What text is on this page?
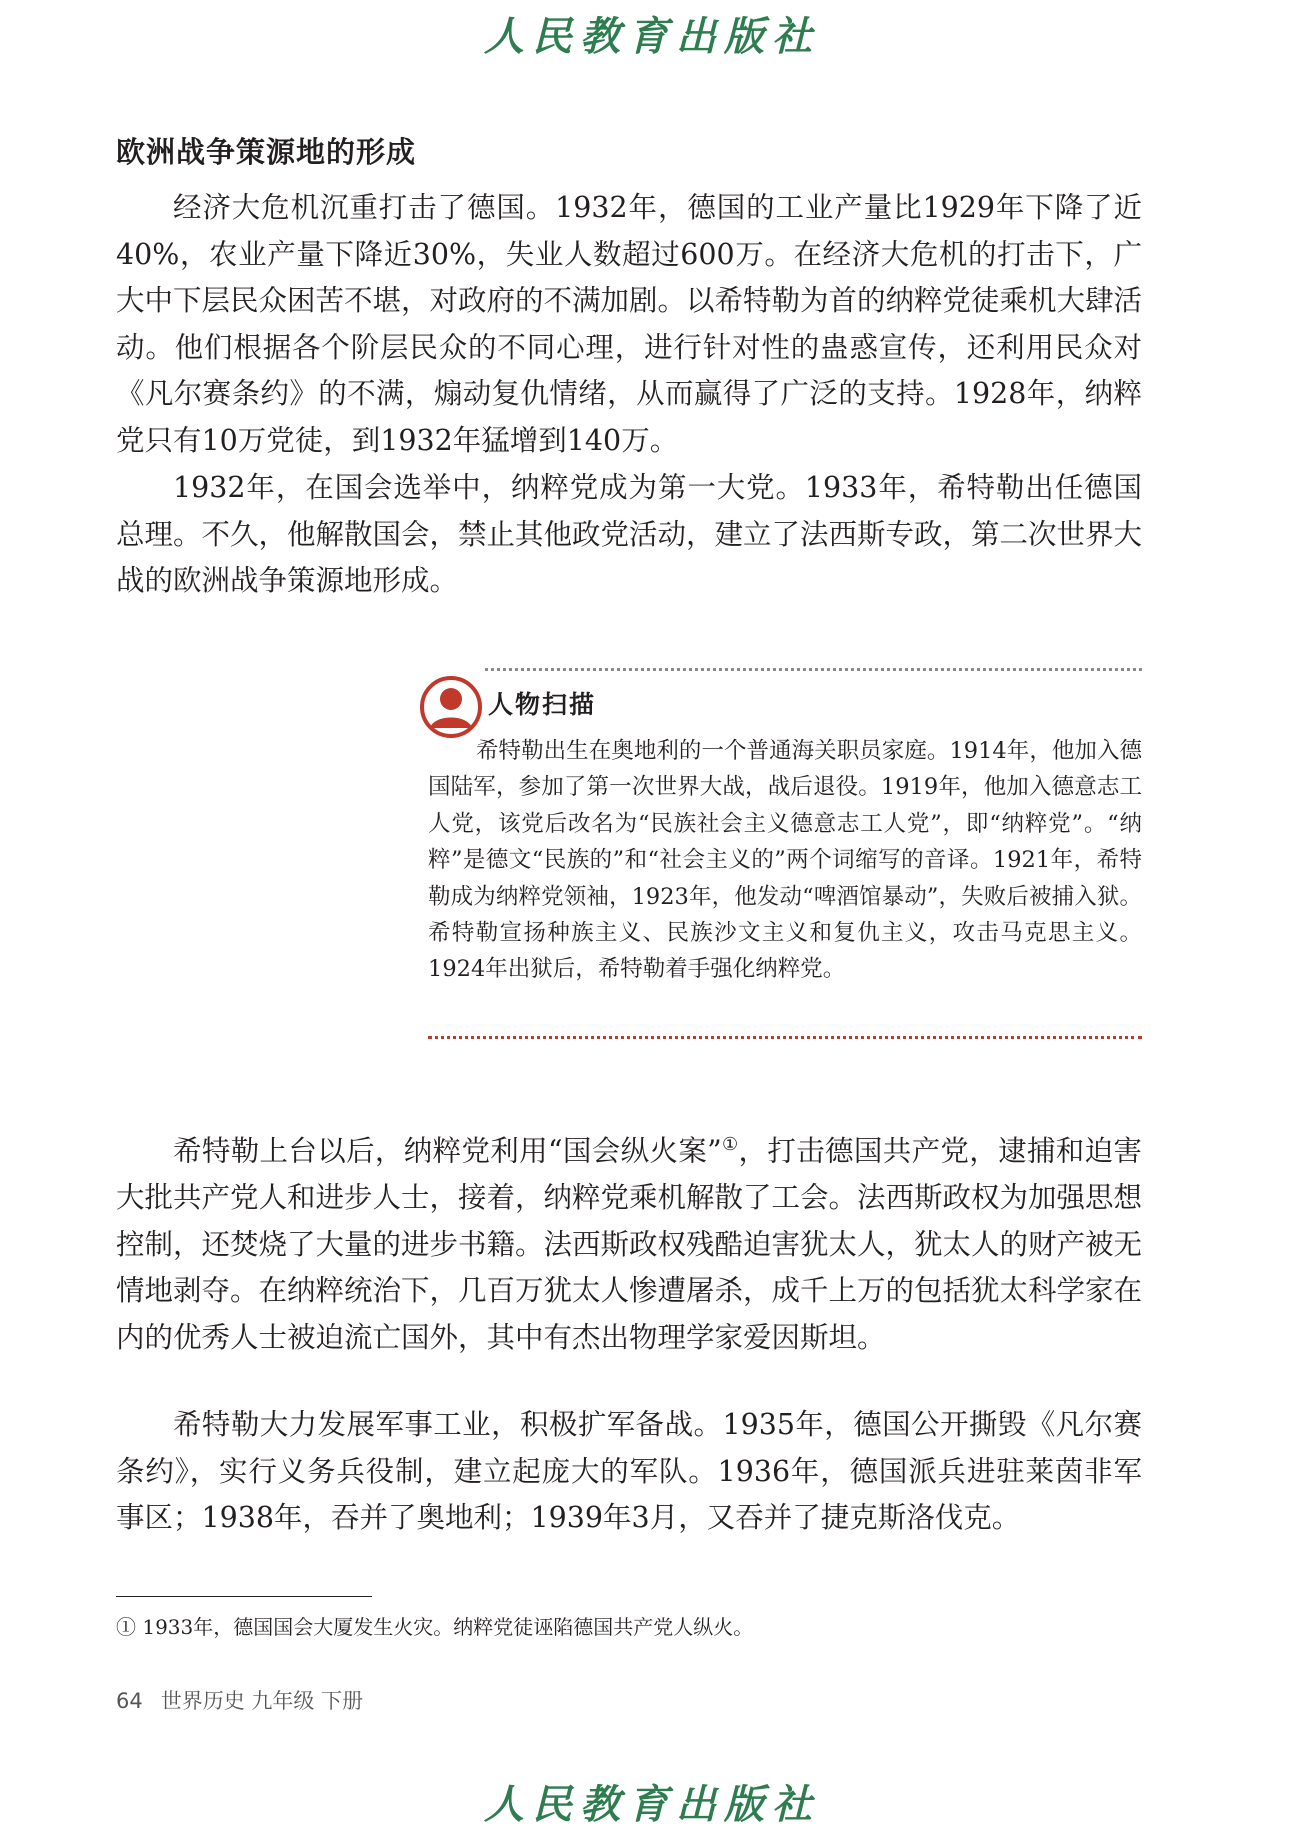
人民教育出版社
欧洲战争策源地的形成

经济大危机沉重打击了德国。1932年，德国的工业产量比1929年下降了近40%，农业产量下降近30%，失业人数超过600万。在经济大危机的打击下，广大中下层民众困苦不堪，对政府的不满加剧。以希特勒为首的纳粹党徒乘机大肆活动。他们根据各个阶层民众的不同心理，进行针对性的蛊惑宣传，还利用民众对《凡尔赛条约》的不满，煽动复仇情绪，从而赢得了广泛的支持。1928年，纳粹党只有10万党徒，到1932年猛增到140万。

1932年，在国会选举中，纳粹党成为第一大党。1933年，希特勒出任德国总理。不久，他解散国会，禁止其他政党活动，建立了法西斯专政，第二次世界大战的欧洲战争策源地形成。

人物扫描

希特勒出生在奥地利的一个普通海关职员家庭。1914年，他加入德国陆军，参加了第一次世界大战，战后退役。1919年，他加入德意志工人党，该党后改名为“民族社会主义德意志工人党”，即“纳粹党”。“纳粹”是德文“民族的”和“社会主义的”两个词缩写的音译。1921年，希特勒成为纳粹党领袖，1923年，他发动“啤酒馆暴动”，失败后被捕入狱。希特勒宣扬种族主义、民族沙文主义和复仇主义，攻击马克思主义。1924年出狱后，希特勒着手强化纳粹党。

希特勒上台以后，纳粹党利用“国会纵火案”①，打击德国共产党，逮捕和迫害大批共产党人和进步人士，接着，纳粹党乘机解散了工会。法西斯政权为加强思想控制，还焚烧了大量的进步书籍。法西斯政权残酷迫害犹太人，犹太人的财产被无情地剥夺。在纳粹统治下，几百万犹太人惨遭屠杀，成千上万的包括犹太科学家在内的优秀人士被迫流亡国外，其中有杰出物理学家爱因斯坦。

希特勒大力发展军事工业，积极扩军备战。1935年，德国公开撕毁《凡尔赛条约》，实行义务兵役制，建立起庞大的军队。1936年，德国派兵进驻莱茵非军事区；1938年，吞并了奥地利；1939年3月，又吞并了捷克斯洛伐克。

① 1933年，德国国会大厦发生火灾。纳粹党徒诬陷德国共产党人纵火。

64 世界历史 九年级 下册

人民教育出版社
